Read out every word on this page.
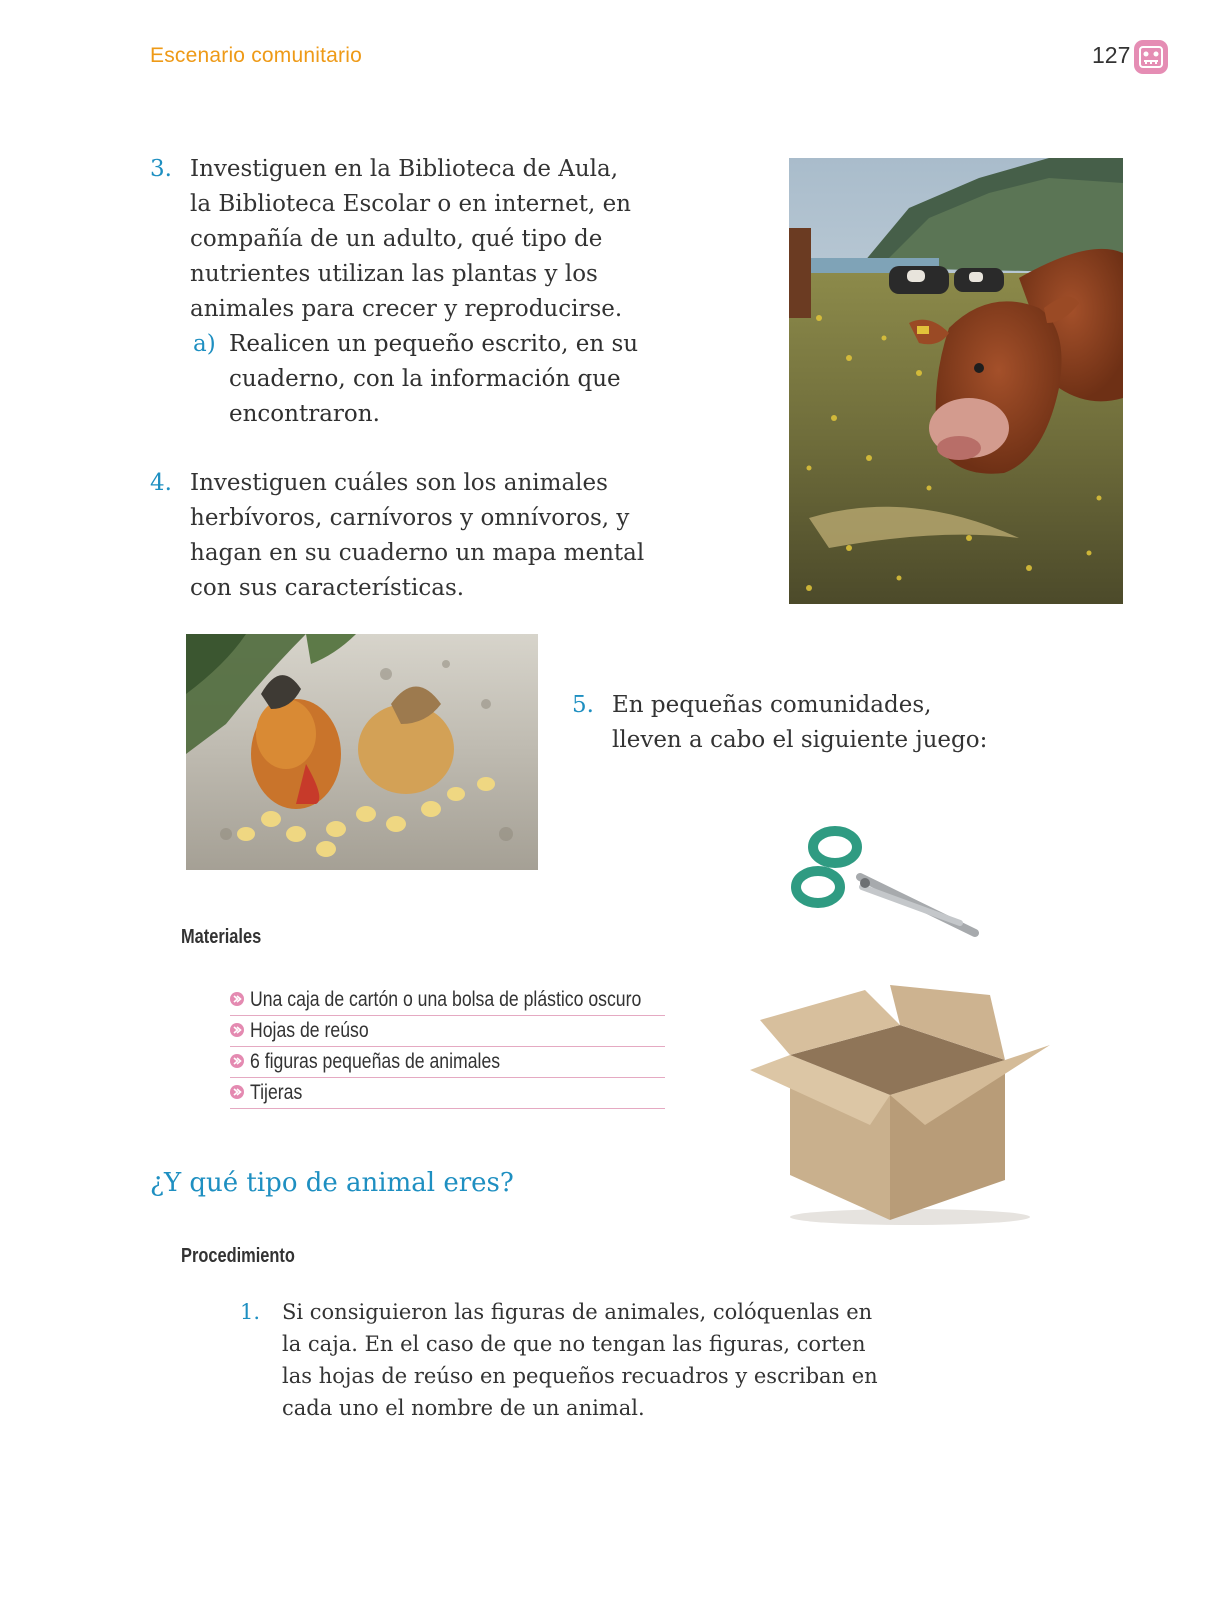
Escenario comunitario	127
3. Investiguen en la Biblioteca de Aula,
la Biblioteca Escolar o en internet, en
compañía de un adulto, qué tipo de
nutrientes utilizan las plantas y los
animales para crecer y reproducirse.
a) Realicen un pequeño escrito, en su
cuaderno, con la información que
encontraron.
4. Investiguen cuáles son los animales
herbívoros, carnívoros y omnívoros, y
hagan en su cuaderno un mapa mental
con sus características.
5. En pequeñas comunidades,
lleven a cabo el siguiente juego:
Materiales
Una caja de cartón o una bolsa de plástico oscuro
Hojas de reúso
6 figuras pequeñas de animales
Tijeras
¿Y qué tipo de animal eres?
Procedimiento
1. Si consiguieron las figuras de animales, colóquenlas en
la caja. En el caso de que no tengan las figuras, corten
las hojas de reúso en pequeños recuadros y escriban en
cada uno el nombre de un animal.
